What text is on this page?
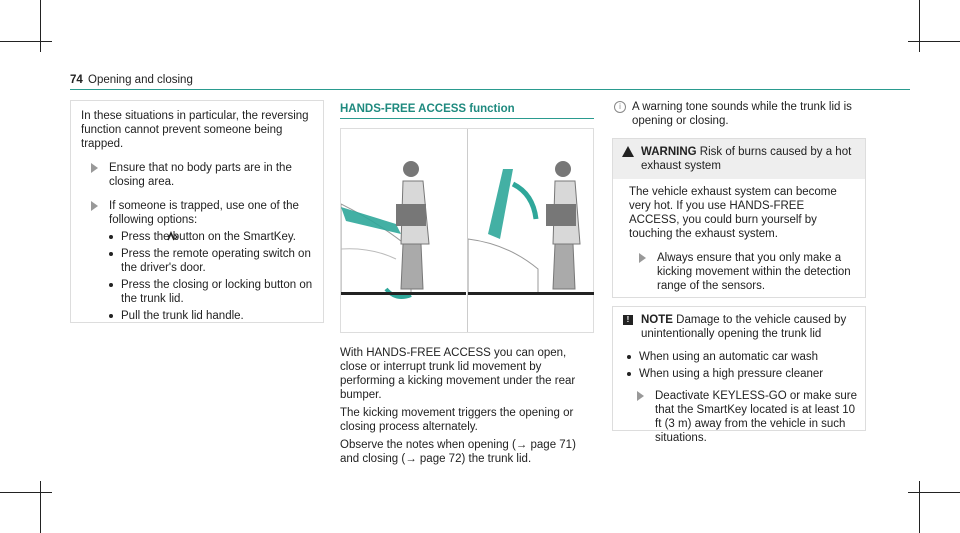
74 Opening and closing

In these situations in particular, the reversing function cannot prevent someone being trapped.

Ensure that no body parts are in the closing area.
If someone is trapped, use one of the following options:
Press the button on the SmartKey.
Press the remote operating switch on the driver's door.
Press the closing or locking button on the trunk lid.
Pull the trunk lid handle.
HANDS-FREE ACCESS function

With HANDS-FREE ACCESS you can open, close or interrupt trunk lid movement by performing a kicking movement under the rear bumper.

The kicking movement triggers the opening or closing process alternately.

Observe the notes when opening (→ page 71) and closing (→ page 72) the trunk lid.

i A warning tone sounds while the trunk lid is opening or closing.
WARNING Risk of burns caused by a hot exhaust system

The vehicle exhaust system can become very hot. If you use HANDS-FREE ACCESS, you could burn yourself by touching the exhaust system.

Always ensure that you only make a kicking movement within the detection range of the sensors.
!	NOTE Damage to the vehicle caused by unintentionally opening the trunk lid
When using an automatic car wash
When using a high pressure cleaner
Deactivate KEYLESS-GO or make sure that the SmartKey located is at least 10 ft (3 m) away from the vehicle in such situations.
